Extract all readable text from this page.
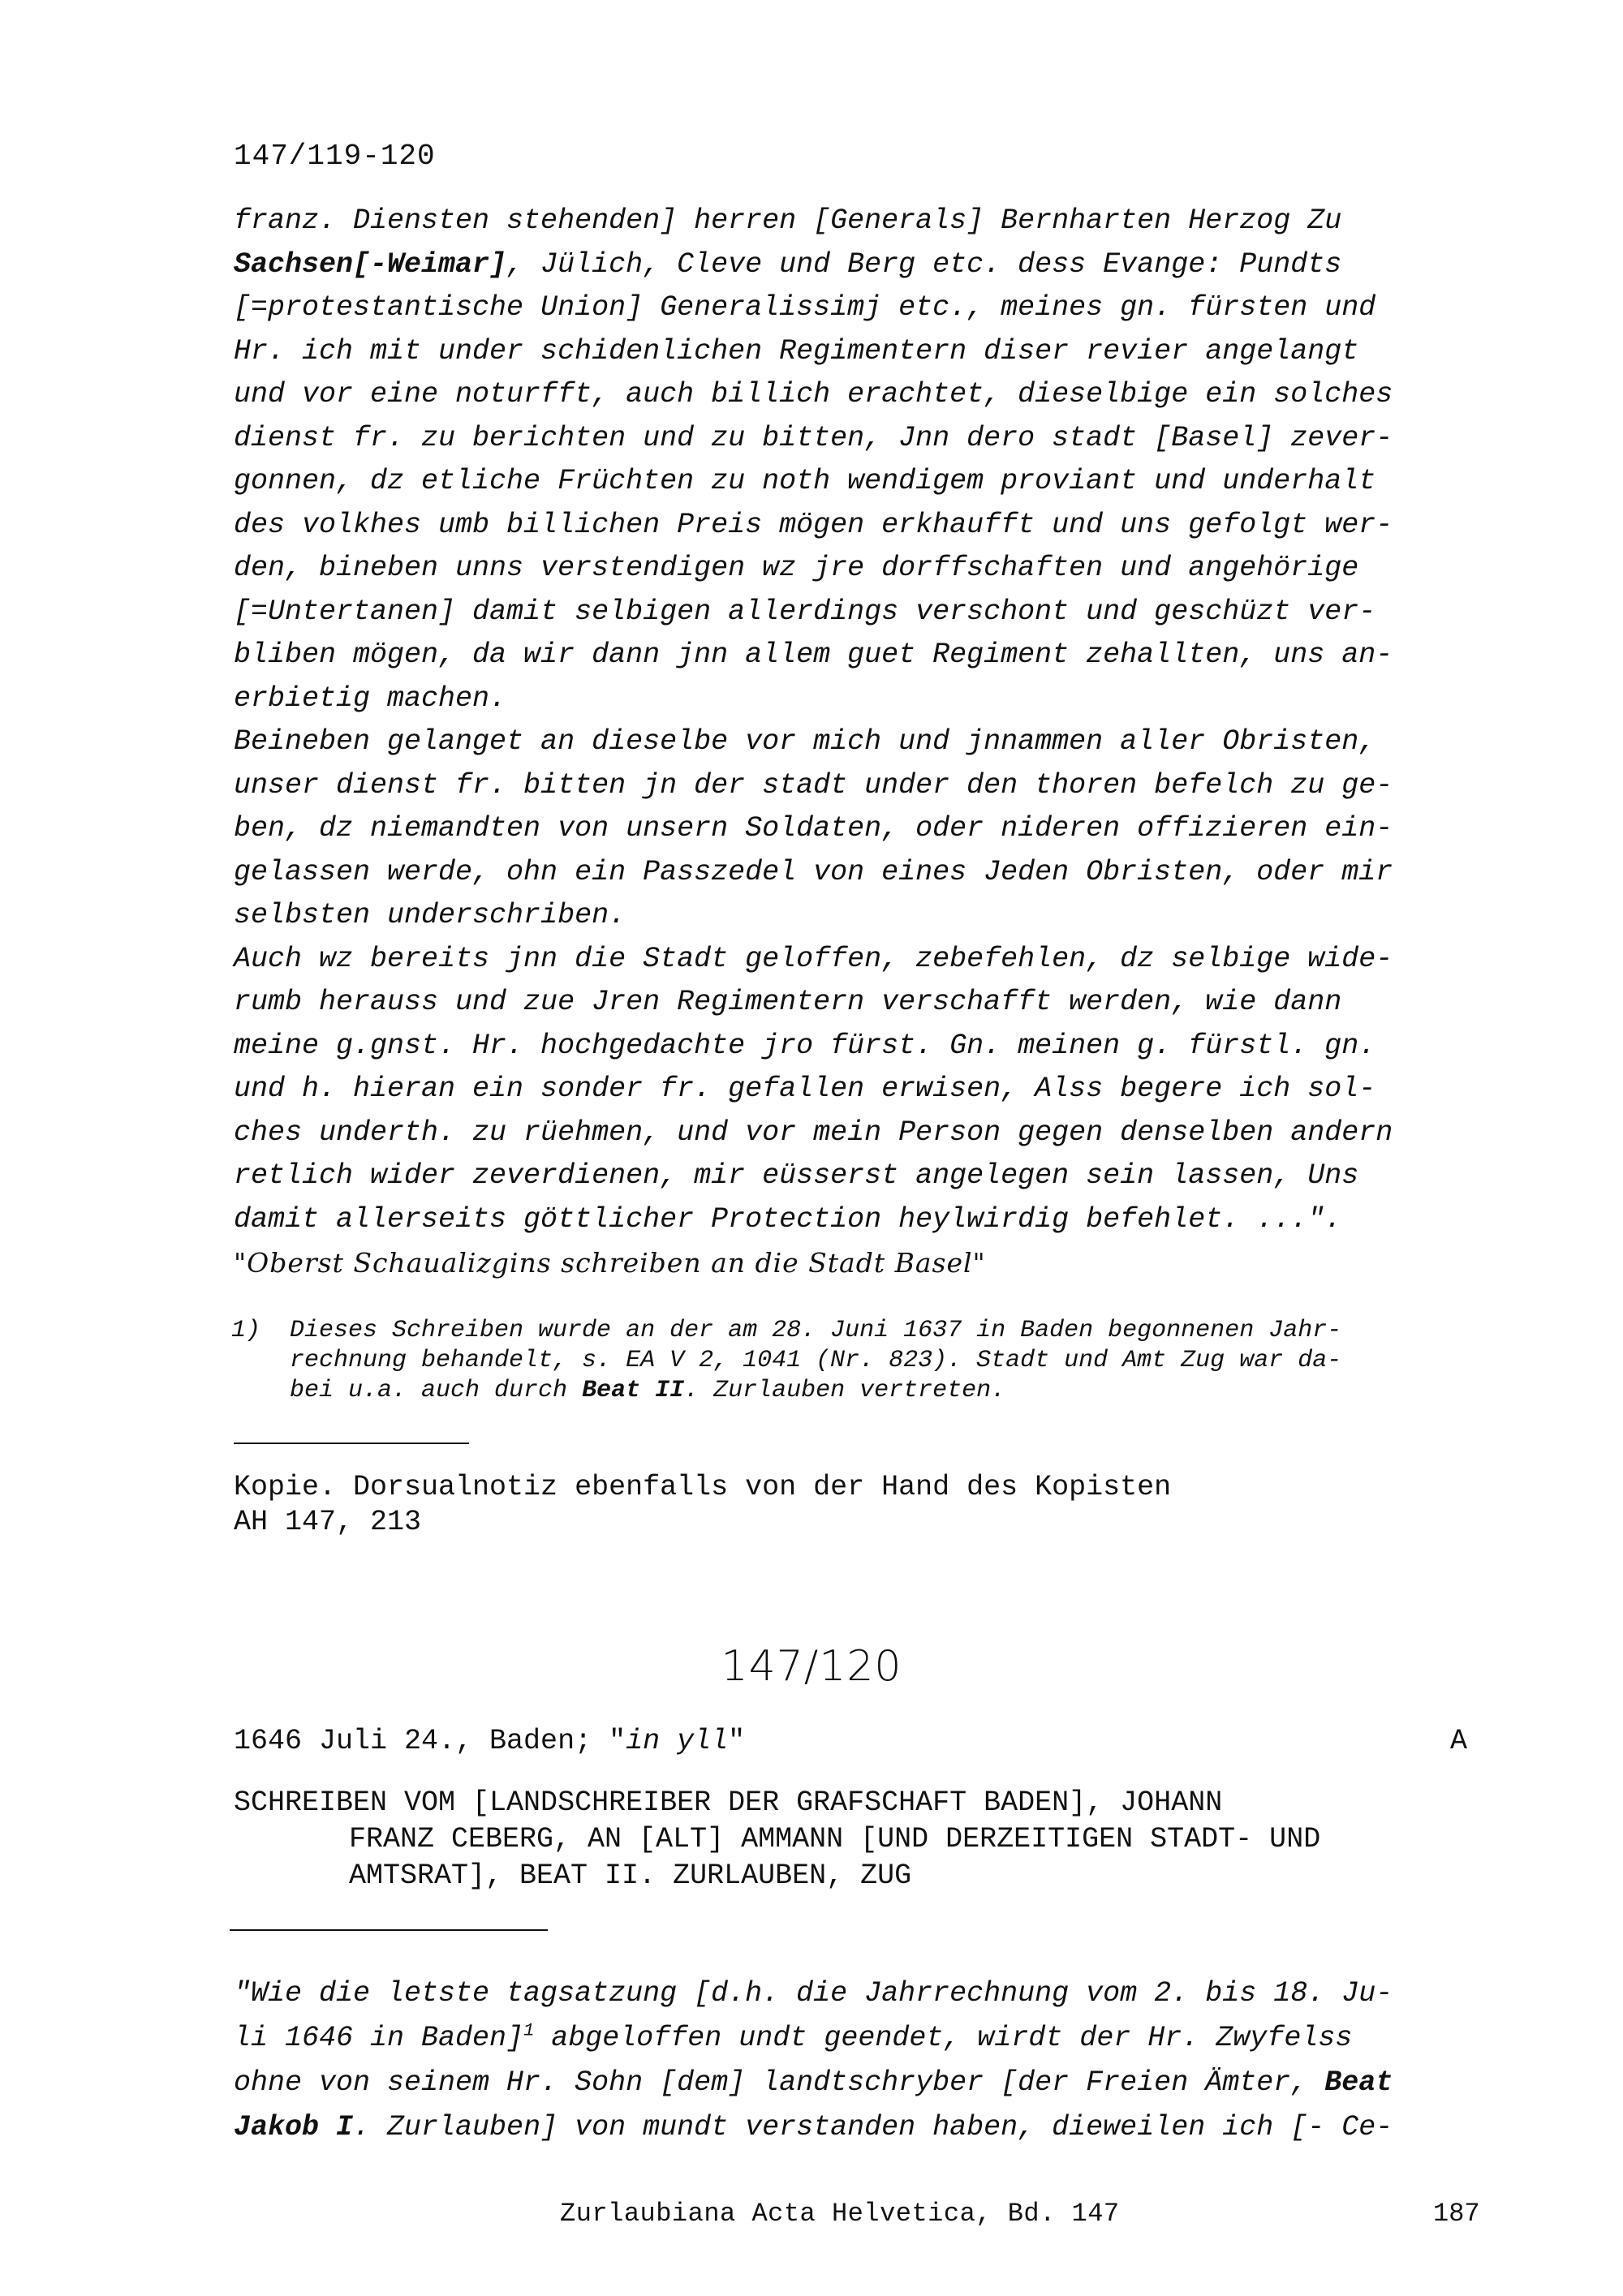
147/119-120
franz. Diensten stehenden] herren [Generals] Bernharten Herzog Zu
Sachsen[-Weimar], Jülich, Cleve und Berg etc. dess Evange: Pundts
[=protestantische Union] Generalissimj etc., meines gn. fürsten und
Hr. ich mit under schidenlichen Regimentern diser revier angelangt
und vor eine noturfft, auch billich erachtet, dieselbige ein solches
dienst fr. zu berichten und zu bitten, Jnn dero stadt [Basel] zever-
gonnen, dz etliche Früchten zu noth wendigem proviant und underhalt
des volkhes umb billichen Preis mögen erkhaufft und uns gefolgt wer-
den, bineben unns verstendigen wz jre dorffschaften und angehörige
[=Untertanen] damit selbigen allerdings verschont und geschüzt ver-
bliben mögen, da wir dann jnn allem guet Regiment zehallten, uns an-
erbietig machen.
Beineben gelanget an dieselbe vor mich und jnnammen aller Obristen,
unser dienst fr. bitten jn der stadt under den thoren befelch zu ge-
ben, dz niemandten von unsern Soldaten, oder nideren offizieren ein-
gelassen werde, ohn ein Passzedel von eines Jeden Obristen, oder mir
selbsten underschriben.
Auch wz bereits jnn die Stadt geloffen, zebefehlen, dz selbige wide-
rumb herauss und zue Jren Regimentern verschafft werden, wie dann
meine g.gnst. Hr. hochgedachte jro fürst. Gn. meinen g. fürstl. gn.
und h. hieran ein sonder fr. gefallen erwisen, Alss begere ich sol-
ches underth. zu rüehmen, und vor mein Person gegen denselben andern
retlich wider zeverdienen, mir eüsserst angelegen sein lassen, Uns
damit allerseits göttlicher Protection heylwirdig befehlet. ...".
"Oberst Schaualizgins schreiben an die Stadt Basel"
1)	Dieses Schreiben wurde an der am 28. Juni 1637 in Baden begonnenen Jahr-
rechnung behandelt, s. EA V 2, 1041 (Nr. 823). Stadt und Amt Zug war da-
bei u.a. auch durch Beat II. Zurlauben vertreten.
Kopie. Dorsualnotiz ebenfalls von der Hand des Kopisten
AH 147, 213
147/120
1646 Juli 24., Baden; "in yll"	A
SCHREIBEN VOM [LANDSCHREIBER DER GRAFSCHAFT BADEN], JOHANN
FRANZ CEBERG, AN [ALT] AMMANN [UND DERZEITIGEN STADT- UND
AMTSRAT], BEAT II. ZURLAUBEN, ZUG
"Wie die letste tagsatzung [d.h. die Jahrrechnung vom 2. bis 18. Ju-
li 1646 in Baden]$^1$ abgeloffen undt geendet, wirdt der Hr. Zwyfelss
ohne von seinem Hr. Sohn [dem] landtschryber [der Freien Ämter, Beat
Jakob I. Zurlauben] von mundt verstanden haben, dieweilen ich [- Ce-
Zurlaubiana Acta Helvetica, Bd. 147	187
